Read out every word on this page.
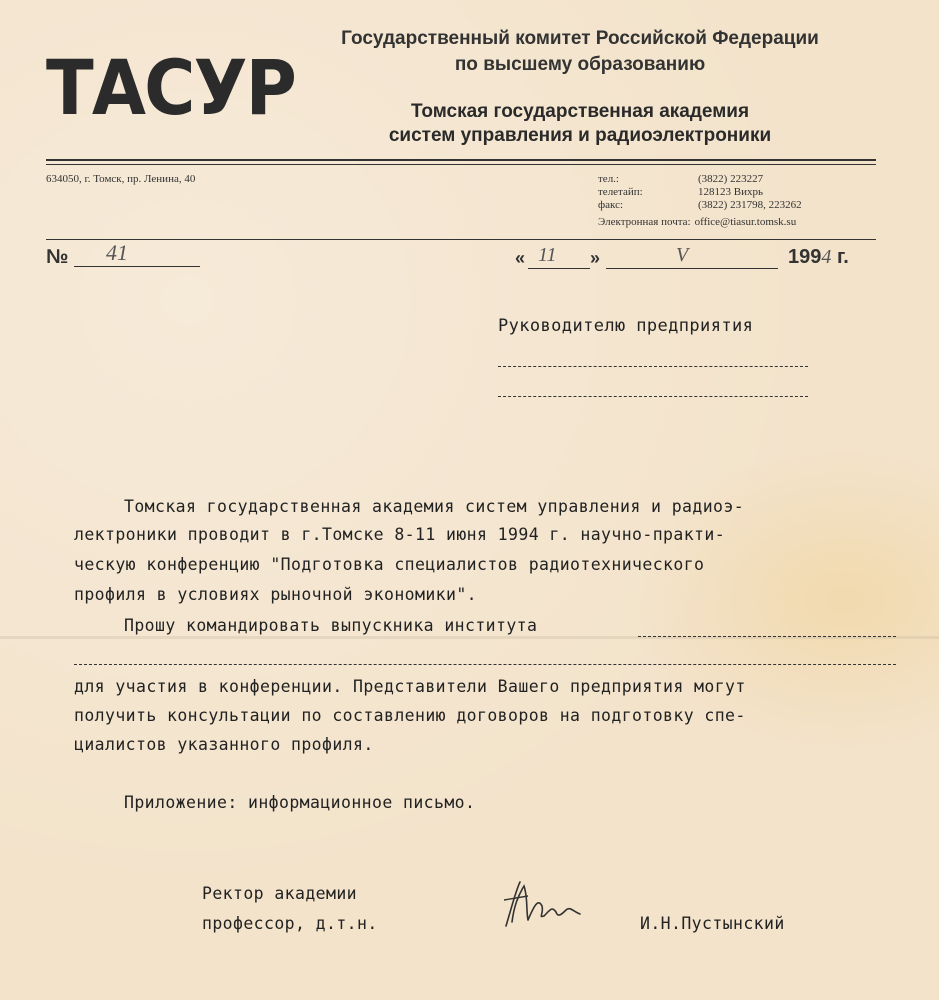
ТАСУР
Государственный комитет Российской Федерации
по высшему образованию
Томская государственная академия
систем управления и радиоэлектроники
634050, г. Томск, пр. Ленина, 40	тел.:	(3822) 223227
телетайп:	128123 Вихрь
факс:	(3822) 231798, 223262
Электронная почта: office@tiasur.tomsk.su
№ 41	« 11 »	V	1994 г.
Руководителю предприятия
Томская государственная академия систем управления и радиоэ-
лектроники проводит в г.Томске 8-11 июня 1994 г. научно-практи-
ческую конференцию "Подготовка специалистов радиотехнического
профиля в условиях рыночной экономики".
Прошу командировать выпускника института
для участия в конференции. Представители Вашего предприятия могут
получить консультации по составлению договоров на подготовку спе-
циалистов указанного профиля.
Приложение: информационное письмо.
Ректор академии
профессор, д.т.н.	И.Н.Пустынский
